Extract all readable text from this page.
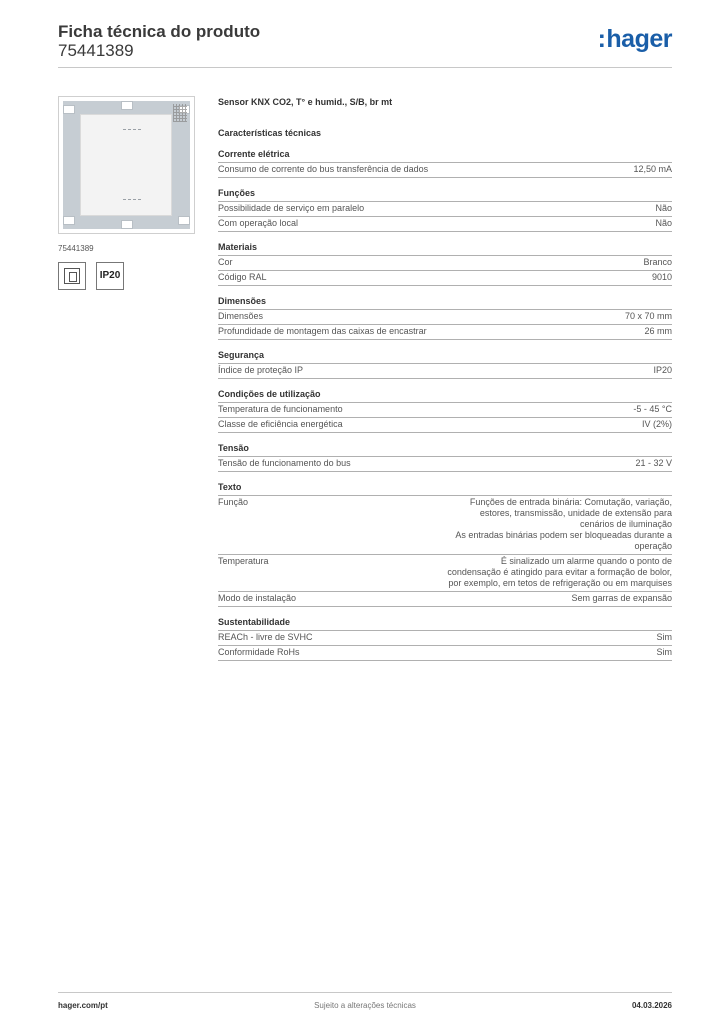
Ficha técnica do produto
75441389	:hager
75441389
IP20
Sensor KNX CO2, T° e humid., S/B, br mt
Características técnicas
Corrente elétrica
Consumo de corrente do bus transferência de dados	12,50 mA
Funções
Possibilidade de serviço em paralelo	Não
Com operação local	Não
Materiais
Cor	Branco
Código RAL	9010
Dimensões
Dimensões	70 x 70 mm
Profundidade de montagem das caixas de encastrar	26 mm
Segurança
Índice de proteção IP	IP20
Condições de utilização
Temperatura de funcionamento	-5 - 45 °C
Classe de eficiência energética	IV (2%)
Tensão
Tensão de funcionamento do bus	21 - 32 V
Texto
Função	Funções de entrada binária: Comutação, variação, estores, transmissão, unidade de extensão para cenários de iluminação
As entradas binárias podem ser bloqueadas durante a operação
Temperatura	É sinalizado um alarme quando o ponto de condensação é atingido para evitar a formação de bolor, por exemplo, em tetos de refrigeração ou em marquises
Modo de instalação	Sem garras de expansão
Sustentabilidade
REACh - livre de SVHC	Sim
Conformidade RoHs	Sim
hager.com/pt	Sujeito a alterações técnicas	04.03.2026
